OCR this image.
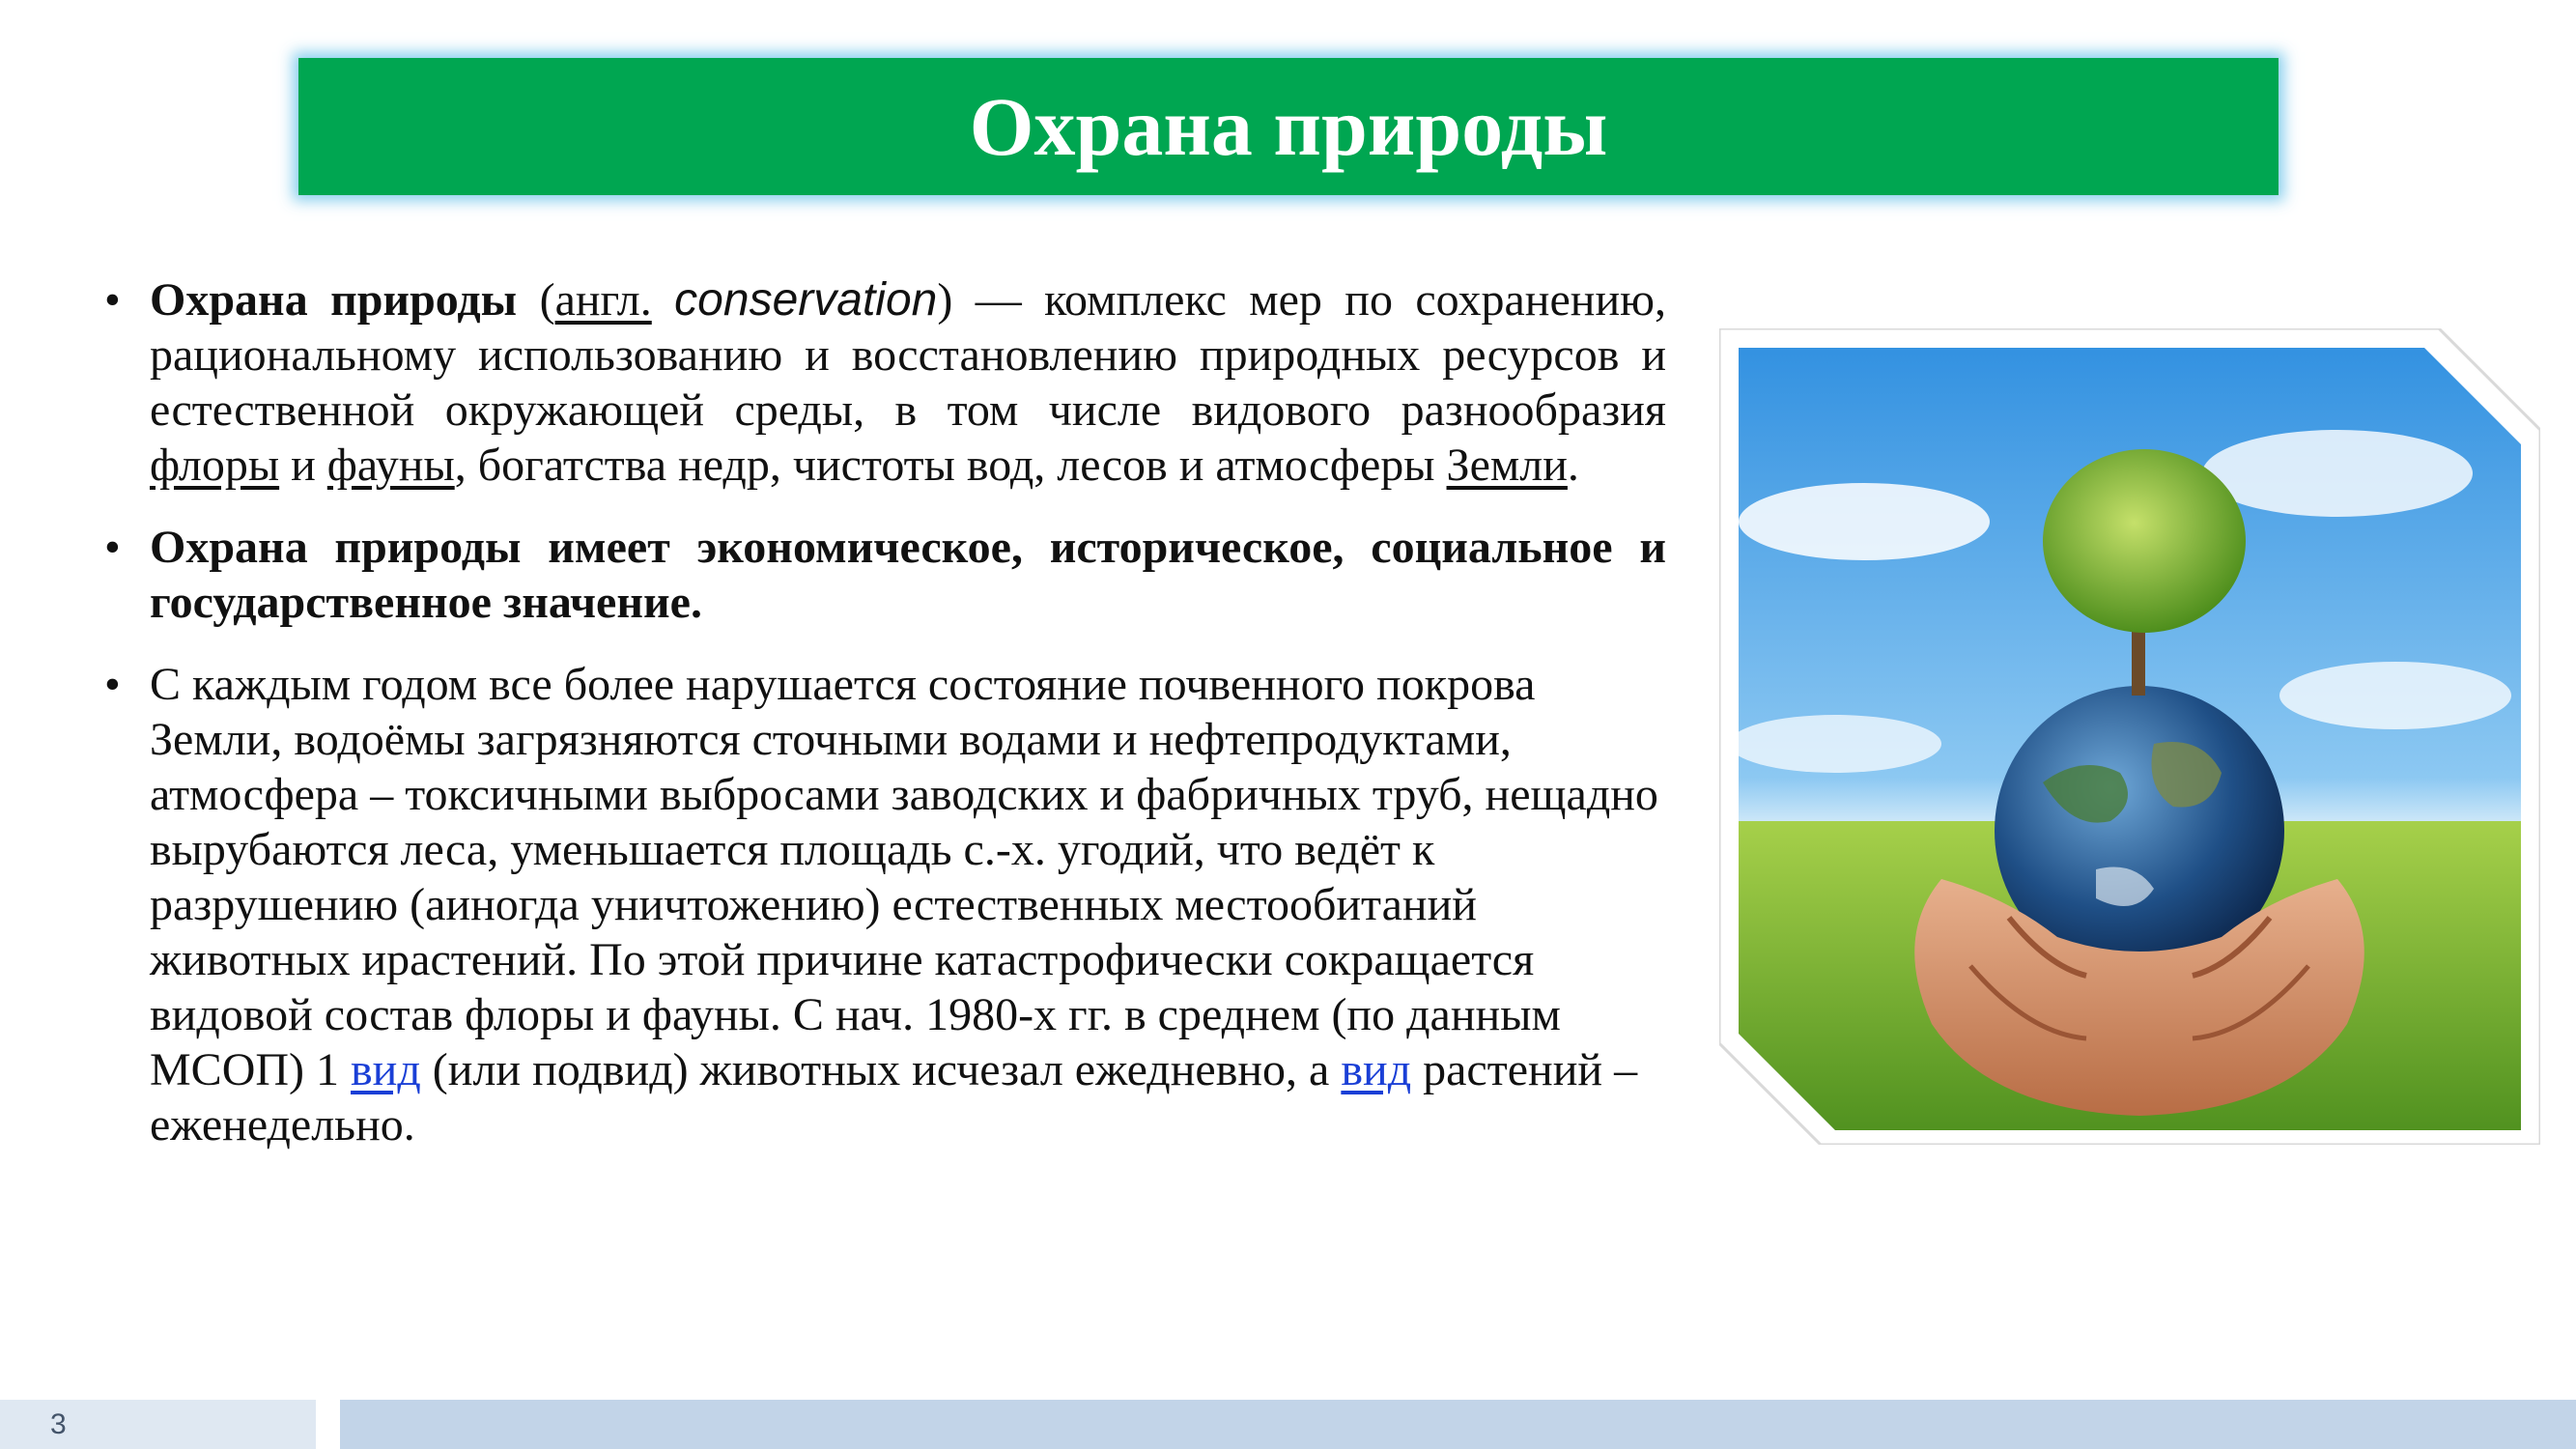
Охрана природы
• Охрана природы (англ. conservation) — комплекс мер по сохранению, рациональному использованию и восстановлению природных ресурсов и естественной окружающей среды, в том числе видового разнообразия флоры и фауны, богатства недр, чистоты вод, лесов и атмосферы Земли.
• Охрана природы имеет экономическое, историческое, социальное и государственное значение.
• С каждым годом все более нарушается состояние почвенного покрова Земли, водоёмы загрязняются сточными водами и нефтепродуктами, атмосфера – токсичными выбросами заводских и фабричных труб, нещадно вырубаются леса, уменьшается площадь с.-х. угодий, что ведёт к разрушению (аиногда уничтожению) естественных местообитаний животных ирастений. По этой причине катастрофически сокращается видовой состав флоры и фауны. С нач. 1980-х гг. в среднем (по данным МСОП) 1 вид (или подвид) животных исчезал ежедневно, а вид растений – еженедельно.
3
